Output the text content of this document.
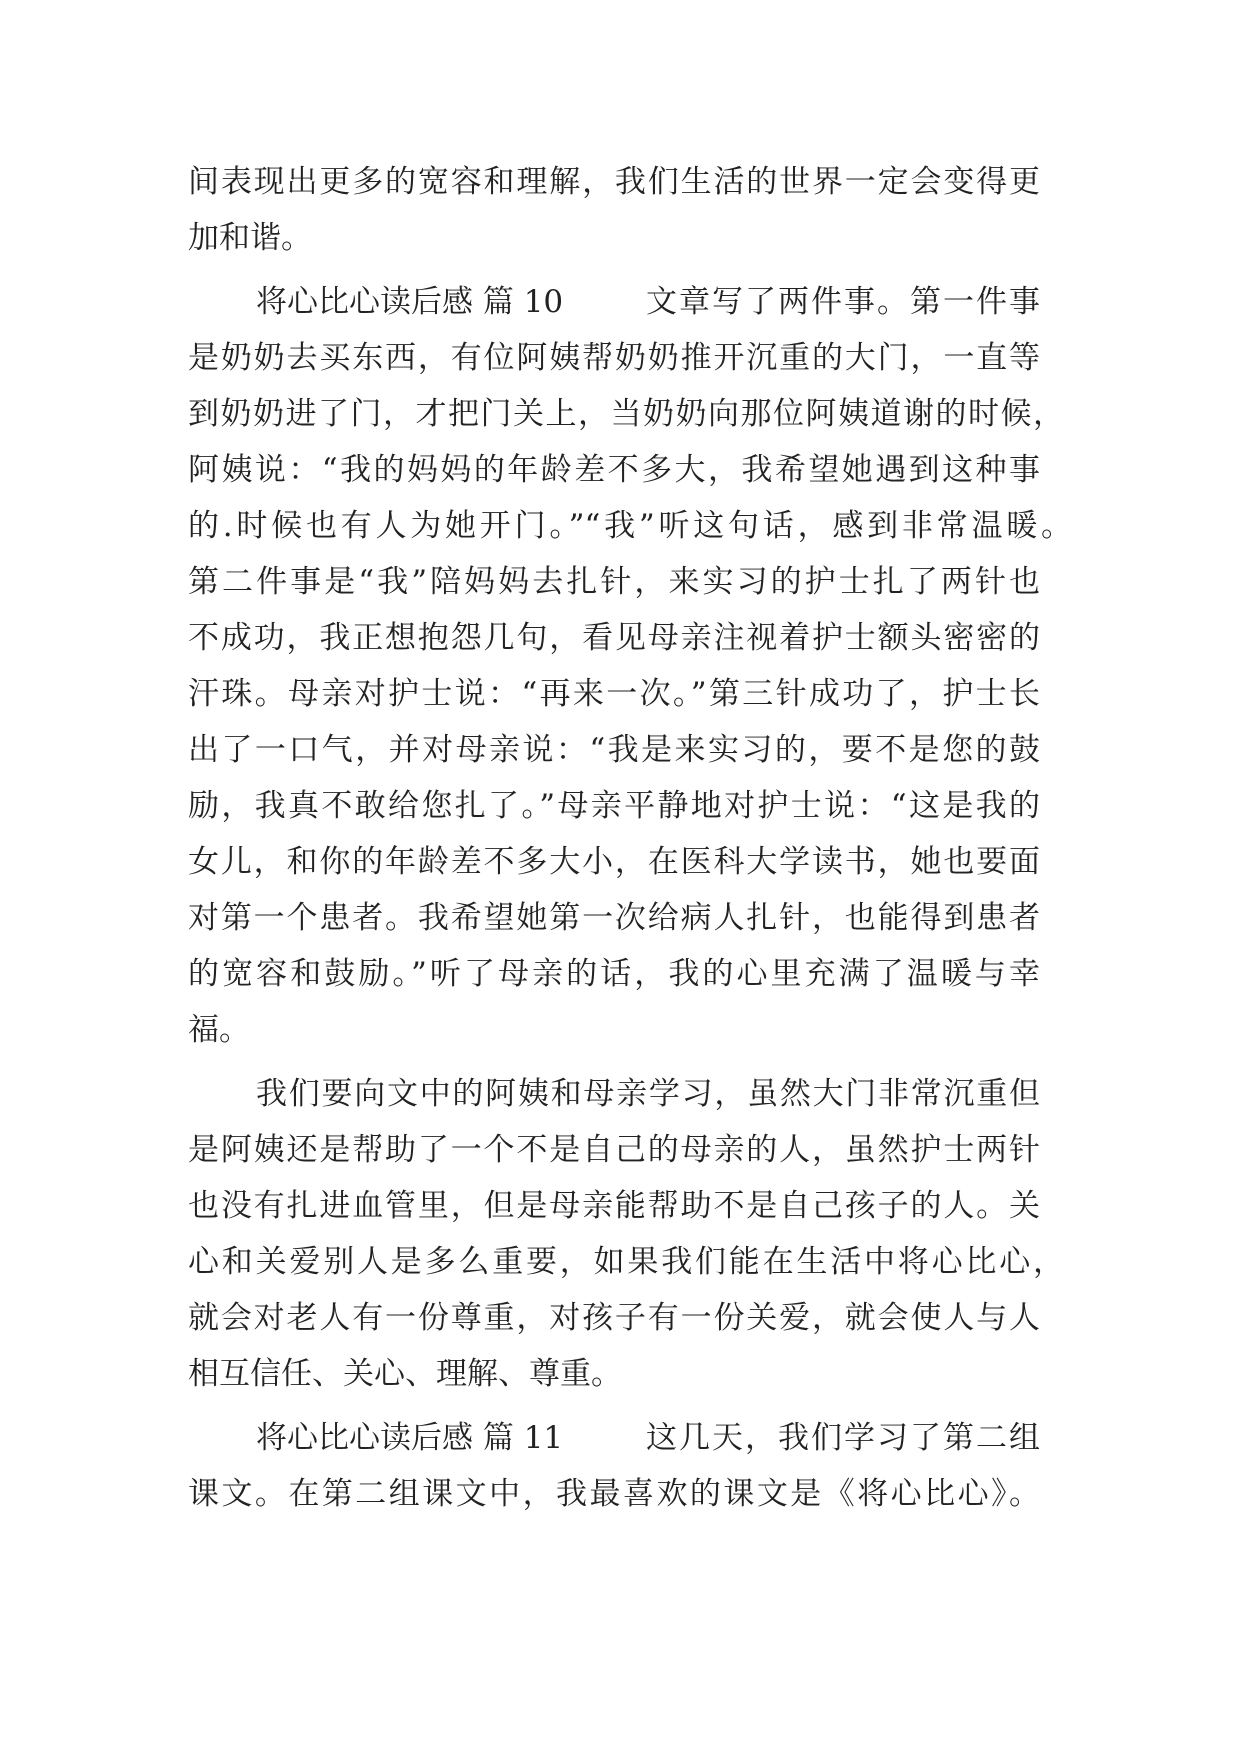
间表现出更多的宽容和理解，我们生活的世界一定会变得更
加和谐。
将心比心读后感 篇 10	文章写了两件事。第一件事
是奶奶去买东西，有位阿姨帮奶奶推开沉重的大门，一直等
到奶奶进了门，才把门关上，当奶奶向那位阿姨道谢的时候，
阿姨说：“我的妈妈的年龄差不多大，我希望她遇到这种事
的.时候也有人为她开门。”“我”听这句话，感到非常温暖。
第二件事是“我”陪妈妈去扎针，来实习的护士扎了两针也
不成功，我正想抱怨几句，看见母亲注视着护士额头密密的
汗珠。母亲对护士说：“再来一次。”第三针成功了，护士长
出了一口气，并对母亲说：“我是来实习的，要不是您的鼓
励，我真不敢给您扎了。”母亲平静地对护士说：“这是我的
女儿，和你的年龄差不多大小，在医科大学读书，她也要面
对第一个患者。我希望她第一次给病人扎针，也能得到患者
的宽容和鼓励。”听了母亲的话，我的心里充满了温暖与幸
福。
我们要向文中的阿姨和母亲学习，虽然大门非常沉重但
是阿姨还是帮助了一个不是自己的母亲的人，虽然护士两针
也没有扎进血管里，但是母亲能帮助不是自己孩子的人。关
心和关爱别人是多么重要，如果我们能在生活中将心比心，
就会对老人有一份尊重，对孩子有一份关爱，就会使人与人
相互信任、关心、理解、尊重。
将心比心读后感 篇 11	这几天，我们学习了第二组
课文。在第二组课文中，我最喜欢的课文是《将心比心》。
